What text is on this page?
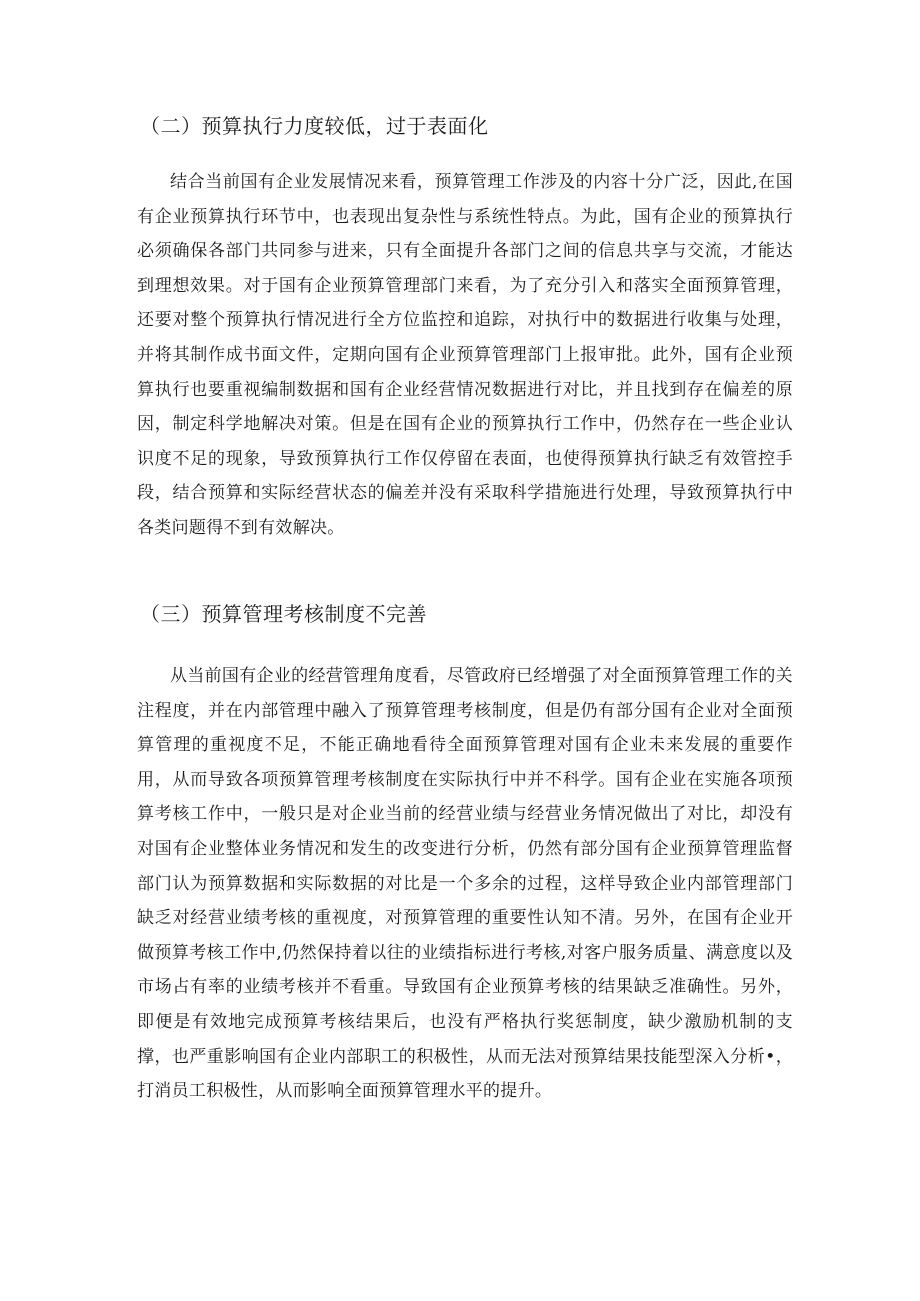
（二）预算执行力度较低，过于表面化

结合当前国有企业发展情况来看，预算管理工作涉及的内容十分广泛，因此,在国有企业预算执行环节中，也表现出复杂性与系统性特点。为此，国有企业的预算执行必须确保各部门共同参与进来，只有全面提升各部门之间的信息共享与交流，才能达到理想效果。对于国有企业预算管理部门来看，为了充分引入和落实全面预算管理，还要对整个预算执行情况进行全方位监控和追踪，对执行中的数据进行收集与处理，并将其制作成书面文件，定期向国有企业预算管理部门上报审批。此外，国有企业预算执行也要重视编制数据和国有企业经营情况数据进行对比，并且找到存在偏差的原因，制定科学地解决对策。但是在国有企业的预算执行工作中，仍然存在一些企业认识度不足的现象，导致预算执行工作仅停留在表面，也使得预算执行缺乏有效管控手段，结合预算和实际经营状态的偏差并没有采取科学措施进行处理，导致预算执行中各类问题得不到有效解决。

（三）预算管理考核制度不完善

从当前国有企业的经营管理角度看，尽管政府已经增强了对全面预算管理工作的关注程度，并在内部管理中融入了预算管理考核制度，但是仍有部分国有企业对全面预算管理的重视度不足，不能正确地看待全面预算管理对国有企业未来发展的重要作用，从而导致各项预算管理考核制度在实际执行中并不科学。国有企业在实施各项预算考核工作中，一般只是对企业当前的经营业绩与经营业务情况做出了对比，却没有对国有企业整体业务情况和发生的改变进行分析，仍然有部分国有企业预算管理监督部门认为预算数据和实际数据的对比是一个多余的过程，这样导致企业内部管理部门缺乏对经营业绩考核的重视度，对预算管理的重要性认知不清。另外，在国有企业开做预算考核工作中,仍然保持着以往的业绩指标进行考核,对客户服务质量、满意度以及市场占有率的业绩考核并不看重。导致国有企业预算考核的结果缺乏准确性。另外，即便是有效地完成预算考核结果后，也没有严格执行奖惩制度，缺少激励机制的支撑，也严重影响国有企业内部职工的积极性，从而无法对预算结果技能型深入分析•，打消员工积极性，从而影响全面预算管理水平的提升。
